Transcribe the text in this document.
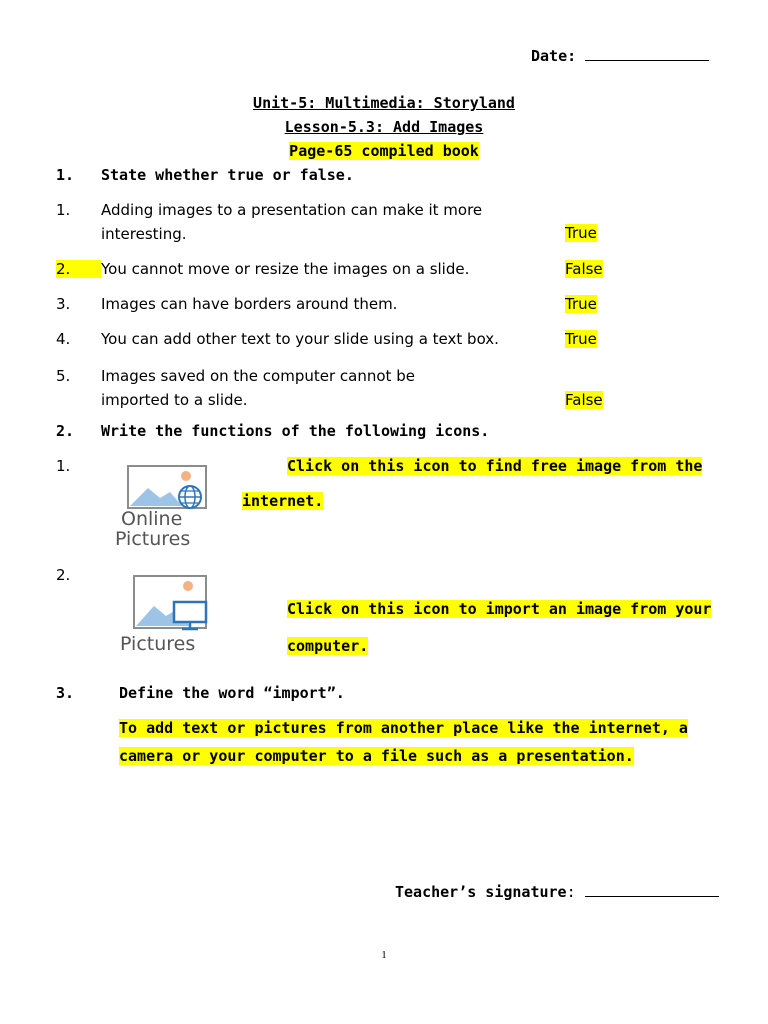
Date:
Unit-5: Multimedia: Storyland
Lesson-5.3: Add Images
Page-65 compiled book
1. State whether true or false.
1. Adding images to a presentation can make it more
interesting.	True
2.	You cannot move or resize the images on a slide.	False
3. Images can have borders around them.	True
4. You can add other text to your slide using a text box.	True
5. Images saved on the computer cannot be
imported to a slide.	False
2. Write the functions of the following icons.
1.
Online
Pictures
Click on this icon to find free image from the
internet.
2.
Pictures
Click on this icon to import an image from your
computer.
3.	Define the word “import”.
To add text or pictures from another place like the internet, a
camera or your computer to a file such as a presentation.
Teacher’s signature:
1
